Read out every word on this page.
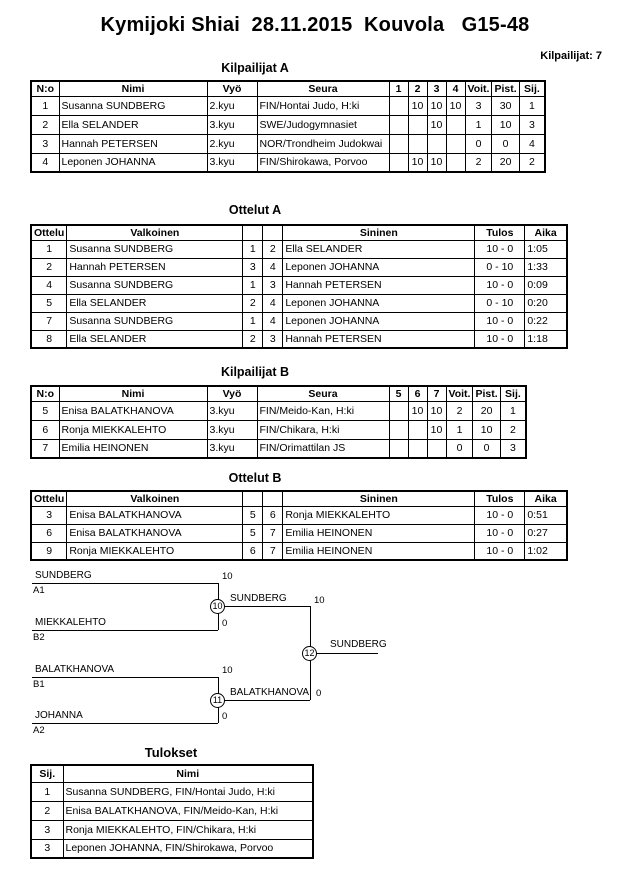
Kymijoki Shiai  28.11.2015  Kouvola   G15-48
Kilpailijat: 7
Kilpailijat A
N:o	Nimi	Vyö	Seura	1	2	3	4	Voit.	Pist.	Sij.
1	Susanna SUNDBERG	2.kyu	FIN/Hontai Judo, H:ki		10	10	10	3	30	1
2	Ella SELANDER	3.kyu	SWE/Judogymnasiet			10		1	10	3
3	Hannah PETERSEN	2.kyu	NOR/Trondheim Judokwai					0	0	4
4	Leponen JOHANNA	3.kyu	FIN/Shirokawa, Porvoo		10	10		2	20	2
Ottelut A
Ottelu	Valkoinen			Sininen	Tulos	Aika
1	Susanna SUNDBERG	1	2	Ella SELANDER	10 - 0	1:05
2	Hannah PETERSEN	3	4	Leponen JOHANNA	0 - 10	1:33
4	Susanna SUNDBERG	1	3	Hannah PETERSEN	10 - 0	0:09
5	Ella SELANDER	2	4	Leponen JOHANNA	0 - 10	0:20
7	Susanna SUNDBERG	1	4	Leponen JOHANNA	10 - 0	0:22
8	Ella SELANDER	2	3	Hannah PETERSEN	10 - 0	1:18
Kilpailijat B
N:o	Nimi	Vyö	Seura	5	6	7	Voit.	Pist.	Sij.
5	Enisa BALATKHANOVA	3.kyu	FIN/Meido-Kan, H:ki		10	10	2	20	1
6	Ronja MIEKKALEHTO	3.kyu	FIN/Chikara, H:ki			10	1	10	2
7	Emilia HEINONEN	3.kyu	FIN/Orimattilan JS				0	0	3
Ottelut B
Ottelu	Valkoinen			Sininen	Tulos	Aika
3	Enisa BALATKHANOVA	5	6	Ronja MIEKKALEHTO	10 - 0	0:51
6	Enisa BALATKHANOVA	5	7	Emilia HEINONEN	10 - 0	0:27
9	Ronja MIEKKALEHTO	6	7	Emilia HEINONEN	10 - 0	1:02
SUNDBERG
A1
MIEKKALEHTO
B2
10
0
SUNDBERG
10
BALATKHANOVA
B1
JOHANNA
A2
10
0
BALATKHANOVA
11
10
0
SUNDBERG
12
Tulokset
Sij.	Nimi
1	Susanna SUNDBERG, FIN/Hontai Judo, H:ki
2	Enisa BALATKHANOVA, FIN/Meido-Kan, H:ki
3	Ronja MIEKKALEHTO, FIN/Chikara, H:ki
3	Leponen JOHANNA, FIN/Shirokawa, Porvoo
